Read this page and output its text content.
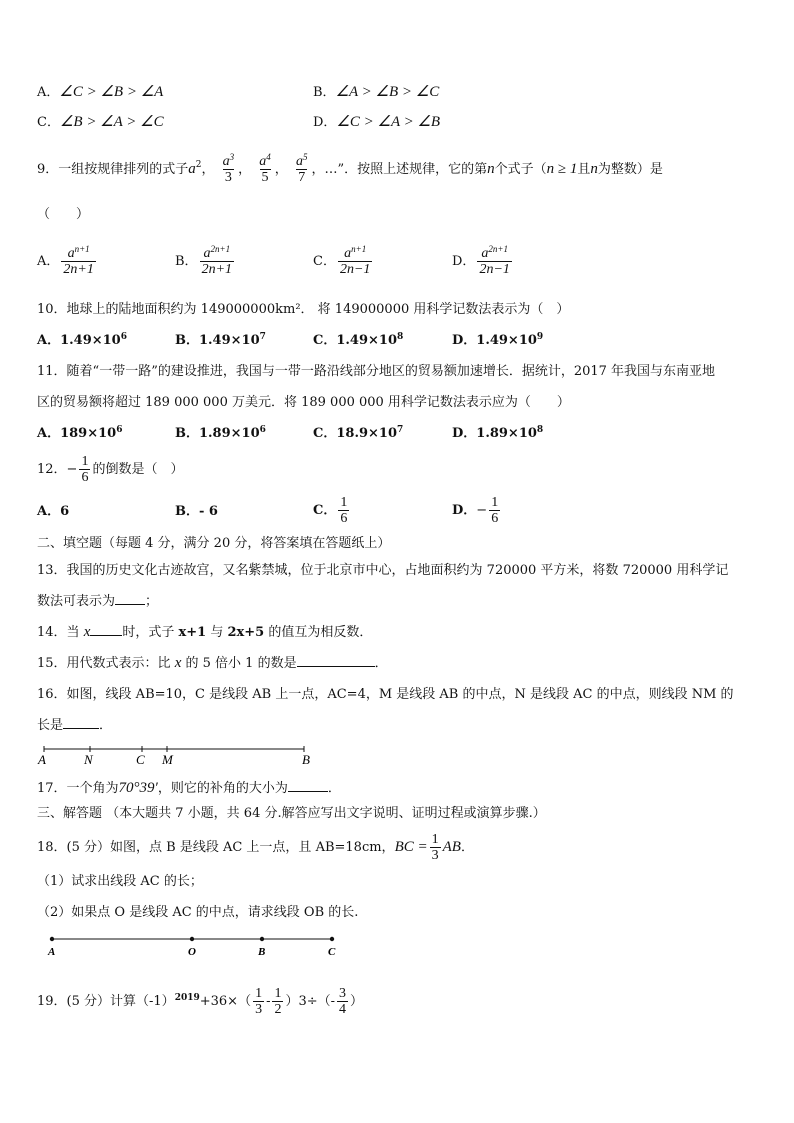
A．∠C > ∠B > ∠A	B．∠A > ∠B > ∠C
C．∠B > ∠A > ∠C	D．∠C > ∠A > ∠B
9．一组按规律排列的式子$a^2$， $\frac{a^3}{3}$ ， $\frac{a^4}{5}$ ， $\frac{a^5}{7}$ ，…”．按照上述规律，它的第n个式子（n ≥ 1且n为整数）是
（　　）
A． $\frac{a^{n+1}}{2n+1}$	B． $\frac{a^{2n+1}}{2n+1}$	C． $\frac{a^{n+1}}{2n-1}$	D． $\frac{a^{2n+1}}{2n-1}$
10．地球上的陆地面积约为 149000000km²． 将 149000000 用科学记数法表示为（　）
A．$1.49\times 10^6$	B．$1.49\times 10^7$	C．$1.49\times 10^8$	D．$1.49\times 10^9$
11．随着“一带一路”的建设推进，我国与一带一路沿线部分地区的贸易额加速增长．据统计，2017 年我国与东南亚地
区的贸易额将超过 189 000 000 万美元．将 189 000 000 用科学记数法表示应为（　　）
A．$189\times 10^6$	B．$1.89\times 10^6$	C．$18.9\times 10^7$	D．$1.89\times 10^8$
12．− $\frac{1}{6}$ 的倒数是（　）
A．6	B．- 6	C． $\frac{1}{6}$	D．− $\frac{1}{6}$
二、填空题（每题 4 分，满分 20 分，将答案填在答题纸上）
13．我国的历史文化古迹故宫，又名紫禁城，位于北京市中心，占地面积约为 720000 平方米，将数 720000 用科学记
数法可表示为 ；
14．当 x 时，式子 x+1 与 2x+5 的值互为相反数．
15．用代数式表示：比 x 的 5 倍小 1 的数是	．
16．如图，线段 AB=10，C 是线段 AB 上一点，AC=4，M 是线段 AB 的中点，N 是线段 AC 的中点，则线段 NM 的
长是	．
A	N	C M	B
17．一个角为70°39′，则它的补角的大小为	．
三、解答题 （本大题共 7 小题，共 64 分.解答应写出文字说明、证明过程或演算步骤.）
18．(5 分）如图，点 B 是线段 AC 上一点，且 AB=18cm，BC = $\frac{1}{3}$ AB．
（1）试求出线段 AC 的长；
（2）如果点 O 是线段 AC 的中点，请求线段 OB 的长.
A	O	B	C
19．(5 分）计算$(-1)^{2019}+36\times( \frac{1}{3} - \frac{1}{2} )3\div(- \frac{3}{4}$ ）
